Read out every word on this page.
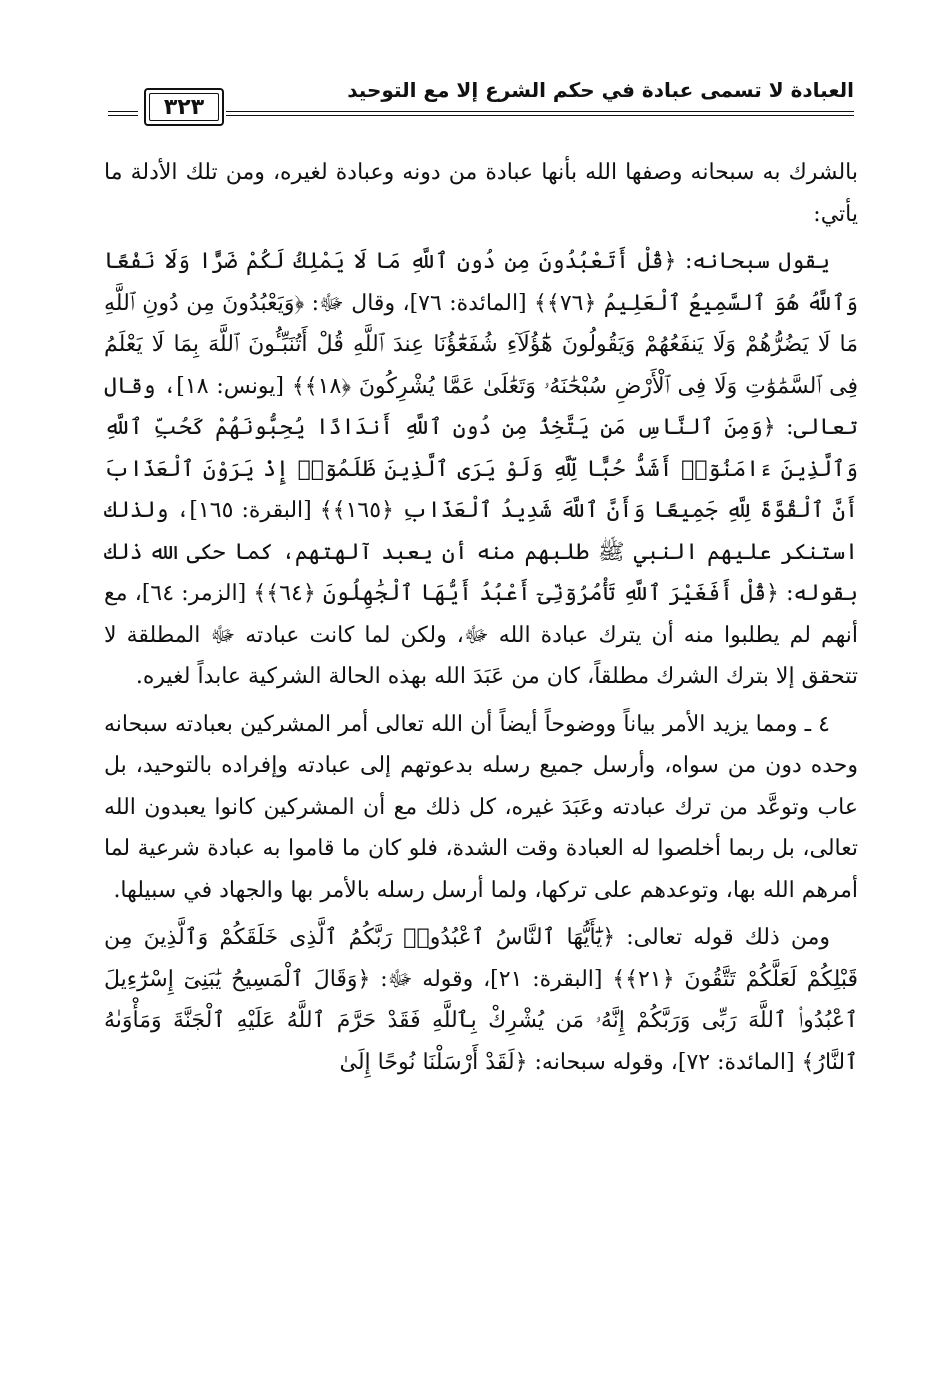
العبادة لا تسمى عبادة في حكم الشرع إلا مع التوحيد
٣٢٣

بالشرك به سبحانه وصفها الله بأنها عبادة من دونه وعبادة لغيره، ومن تلك الأدلة ما يأتي:

يقول سبحانه: ﴿قُلْ أَتَعْبُدُونَ مِن دُونِ ٱللَّهِ مَا لَا يَمْلِكُ لَكُمْ ضَرًّا وَلَا نَفْعًا وَٱللَّهُ هُوَ ٱلسَّمِيعُ ٱلْعَلِيمُ ﴿٧٦﴾﴾ [المائدة: ٧٦]، وقال ﷻ: ﴿وَيَعْبُدُونَ مِن دُونِ ٱللَّهِ مَا لَا يَضُرُّهُمْ وَلَا يَنفَعُهُمْ وَيَقُولُونَ هَٰٓؤُلَآءِ شُفَعَٰٓؤُنَا عِندَ ٱللَّهِ قُلْ أَتُنَبِّـُٔونَ ٱللَّهَ بِمَا لَا يَعْلَمُ فِى ٱلسَّمَٰوَٰتِ وَلَا فِى ٱلْأَرْضِ سُبْحَٰنَهُۥ وَتَعَٰلَىٰ عَمَّا يُشْرِكُونَ ﴿١٨﴾﴾ [يونس: ١٨]، وقال تعالى: ﴿وَمِنَ ٱلنَّاسِ مَن يَتَّخِذُ مِن دُونِ ٱللَّهِ أَندَادًا يُحِبُّونَهُمْ كَحُبِّ ٱللَّهِ وَٱلَّذِينَ ءَامَنُوٓا۟ أَشَدُّ حُبًّا لِّلَّهِ وَلَوْ يَرَى ٱلَّذِينَ ظَلَمُوٓا۟ إِذْ يَرَوْنَ ٱلْعَذَابَ أَنَّ ٱلْقُوَّةَ لِلَّهِ جَمِيعًا وَأَنَّ ٱللَّهَ شَدِيدُ ٱلْعَذَابِ ﴿١٦٥﴾﴾ [البقرة: ١٦٥]، ولذلك استنكر عليهم النبي ﷺ طلبهم منه أن يعبد آلهتهم، كما حكى الله ذلك بقوله: ﴿قُلْ أَفَغَيْرَ ٱللَّهِ تَأْمُرُوٓنِّىٓ أَعْبُدُ أَيُّهَا ٱلْجَٰهِلُونَ ﴿٦٤﴾﴾ [الزمر: ٦٤]، مع أنهم لم يطلبوا منه أن يترك عبادة الله ﷻ، ولكن لما كانت عبادته ﷻ المطلقة لا تتحقق إلا بترك الشرك مطلقاً، كان من عَبَدَ الله بهذه الحالة الشركية عابداً لغيره.

٤ ـ ومما يزيد الأمر بياناً ووضوحاً أيضاً أن الله تعالى أمر المشركين بعبادته سبحانه وحده دون من سواه، وأرسل جميع رسله بدعوتهم إلى عبادته وإفراده بالتوحيد، بل عاب وتوعَّد من ترك عبادته وعَبَدَ غيره، كل ذلك مع أن المشركين كانوا يعبدون الله تعالى، بل ربما أخلصوا له العبادة وقت الشدة، فلو كان ما قاموا به عبادة شرعية لما أمرهم الله بها، وتوعدهم على تركها، ولما أرسل رسله بالأمر بها والجهاد في سبيلها.

ومن ذلك قوله تعالى: ﴿يَٰٓأَيُّهَا ٱلنَّاسُ ٱعْبُدُوا۟ رَبَّكُمُ ٱلَّذِى خَلَقَكُمْ وَٱلَّذِينَ مِن قَبْلِكُمْ لَعَلَّكُمْ تَتَّقُونَ ﴿٢١﴾﴾ [البقرة: ٢١]، وقوله ﷻ: ﴿وَقَالَ ٱلْمَسِيحُ يَٰبَنِىٓ إِسْرَٰٓءِيلَ ٱعْبُدُوا۟ ٱللَّهَ رَبِّى وَرَبَّكُمْ إِنَّهُۥ مَن يُشْرِكْ بِٱللَّهِ فَقَدْ حَرَّمَ ٱللَّهُ عَلَيْهِ ٱلْجَنَّةَ وَمَأْوَىٰهُ ٱلنَّارُ﴾ [المائدة: ٧٢]، وقوله سبحانه: ﴿لَقَدْ أَرْسَلْنَا نُوحًا إِلَىٰ
